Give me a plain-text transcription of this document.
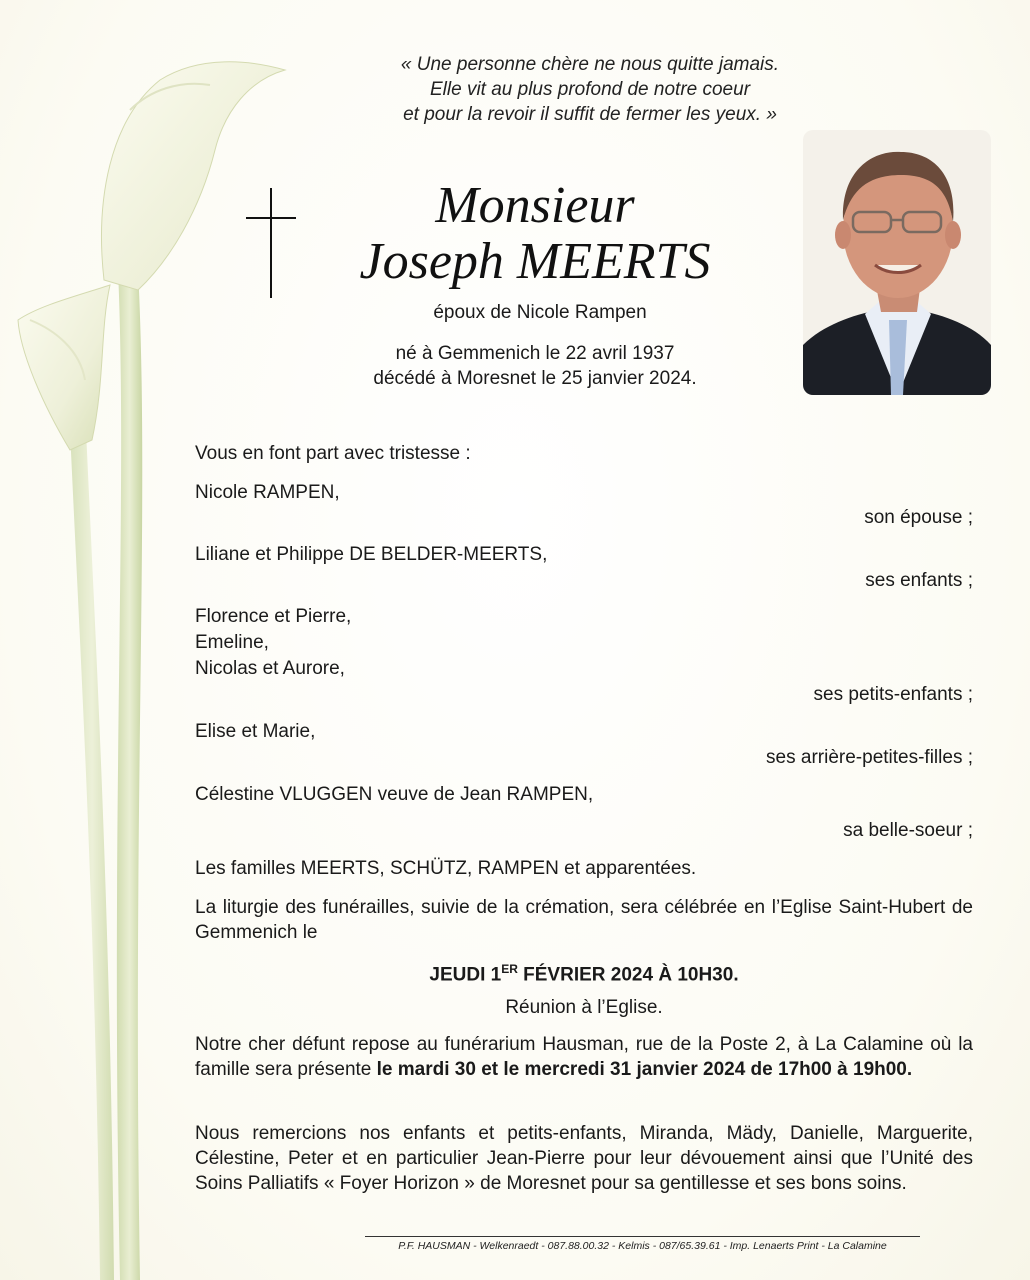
« Une personne chère ne nous quitte jamais.
Elle vit au plus profond de notre coeur
et pour la revoir il suffit de fermer les yeux. »
Monsieur
Joseph MEERTS
époux de Nicole Rampen
né à Gemmenich le 22 avril 1937
décédé à Moresnet le 25 janvier 2024.
Vous en font part avec tristesse :
Nicole RAMPEN,
son épouse ;
Liliane et Philippe DE BELDER-MEERTS,
ses enfants ;
Florence et Pierre,
Emeline,
Nicolas et Aurore,
ses petits-enfants ;
Elise et Marie,
ses arrière-petites-filles ;
Célestine VLUGGEN veuve de Jean RAMPEN,
sa belle-soeur ;
Les familles MEERTS, SCHÜTZ, RAMPEN et apparentées.
La liturgie des funérailles, suivie de la crémation, sera célébrée en l’Eglise Saint-Hubert de Gemmenich le
JEUDI 1ER FÉVRIER 2024 À 10H30.
Réunion à l’Eglise.
Notre cher défunt repose au funérarium Hausman, rue de la Poste 2, à La Calamine où la famille sera présente le mardi 30 et le mercredi 31 janvier 2024 de 17h00 à 19h00.
Nous remercions nos enfants et petits-enfants, Miranda, Mädy, Danielle, Marguerite, Célestine, Peter et en particulier Jean-Pierre pour leur dévouement ainsi que l’Unité des Soins Palliatifs « Foyer Horizon » de Moresnet pour sa gentillesse et ses bons soins.
P.F. HAUSMAN - Welkenraedt - 087.88.00.32 - Kelmis - 087/65.39.61 - Imp. Lenaerts Print - La Calamine
